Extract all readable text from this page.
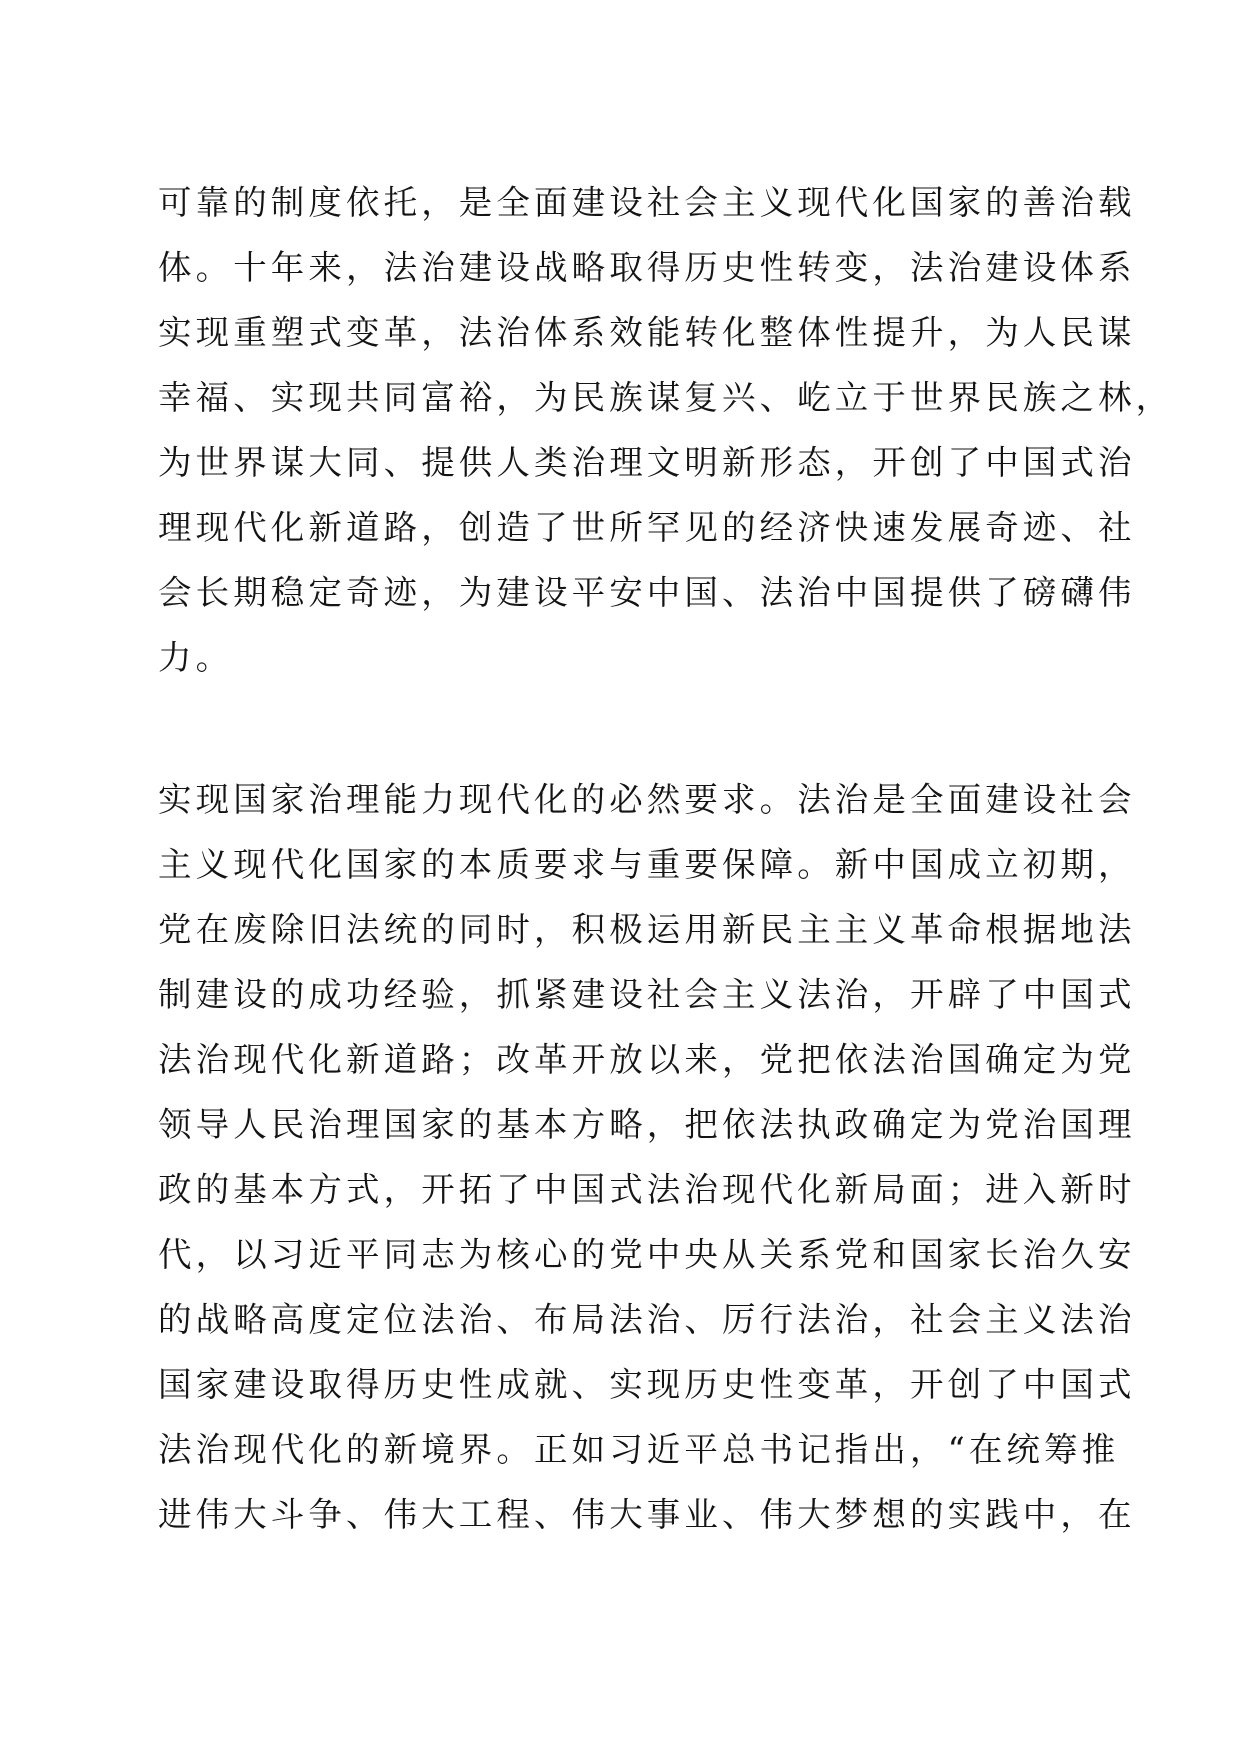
可靠的制度依托，是全面建设社会主义现代化国家的善治载
体。十年来，法治建设战略取得历史性转变，法治建设体系
实现重塑式变革，法治体系效能转化整体性提升，为人民谋
幸福、实现共同富裕，为民族谋复兴、屹立于世界民族之林，
为世界谋大同、提供人类治理文明新形态，开创了中国式治
理现代化新道路，创造了世所罕见的经济快速发展奇迹、社
会长期稳定奇迹，为建设平安中国、法治中国提供了磅礴伟
力。
实现国家治理能力现代化的必然要求。法治是全面建设社会
主义现代化国家的本质要求与重要保障。新中国成立初期，
党在废除旧法统的同时，积极运用新民主主义革命根据地法
制建设的成功经验，抓紧建设社会主义法治，开辟了中国式
法治现代化新道路；改革开放以来，党把依法治国确定为党
领导人民治理国家的基本方略，把依法执政确定为党治国理
政的基本方式，开拓了中国式法治现代化新局面；进入新时
代，以习近平同志为核心的党中央从关系党和国家长治久安
的战略高度定位法治、布局法治、厉行法治，社会主义法治
国家建设取得历史性成就、实现历史性变革，开创了中国式
法治现代化的新境界。正如习近平总书记指出，“在统筹推
进伟大斗争、伟大工程、伟大事业、伟大梦想的实践中，在
